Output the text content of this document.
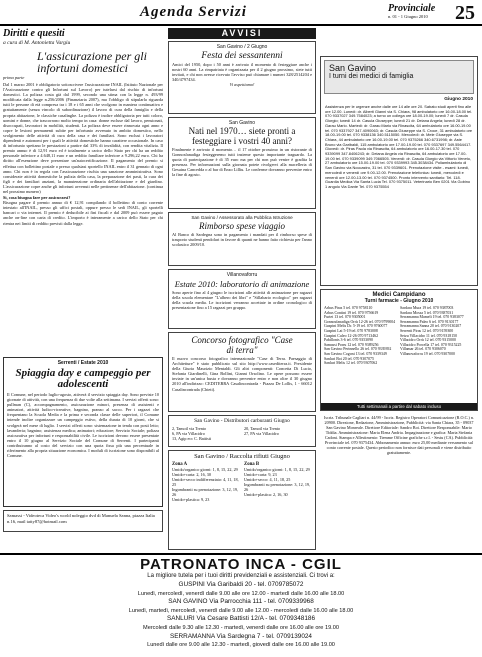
Agenda Servizi	Provinciale
n. 01 - 1 Giugno 2010 25
Diritti e quesiti
a cura di M. Antonietta Vargiu
L'assicurazione per gli infortuni domestici
prima parte
Dal 1 marzo 2001 è obbligatorio sottoscrivere l'assicurazione INAIL (Istituto Nazionale per l'Assicurazione contro gli Infortuni sul Lavoro) per tutelarsi dal rischio di infortuni domestici. La polizza costa già dal 1999, secondo una stima con la legge n. 493/99 modificata dalla legge n.256/2006 (Finanziaria 2007), ma l'obbligo di stipularla riguarda tutti le persone di età compresa tra i 18 e i 65 anni che svolgono in maniera continuativa e gratuitamente (senza vincolo di subordinazione) il lavoro di cura della famiglia e della propria abitazione, le classiche casalinghe. La polizza è inoltre obbligatoria per tutti coloro, uomini e donne, che trascorrono molto tempo in casa: donne escluse dal lavoro, pensionati, disoccupati, lavoratori in mobilità, studenti. La polizza deve essere rinnovata ogni anno e copre le lesioni permanenti subite per infortunio avvenuto in ambito domestico, nello svolgimento delle attività di cura della casa e dei familiari. Sono esclusi i lavoratori dipendenti e autonomi per i quali le attività domestiche hanno carattere occasionale. In caso di infortunio spettano le prestazioni a partire dal 33% di invalidità, con rendita vitalizia. Il premio annuo è di 12,91 euro ed è totalmente a carico dello Stato per chi ha un reddito personale inferiore a 4.648,11 euro e un reddito familiare inferiore a 9.296,22 euro. Chi ha diritto all'esenzione deve presentare un'autocertificazione. Il pagamento del premio si effettua con bollettino postale o presso qualsiasi sportello INAIL entro il 31 gennaio di ogni anno. Chi non è in regola con l'assicurazione rischia una sanzione amministrativa. Sono considerate attività domestiche la pulizia della casa, la preparazione dei pasti, la cura dei figli e dei familiari anziani, la manutenzione ordinaria dell'abitazione e del giardino. L'assicurazione copre anche gli infortuni avvenuti nelle pertinenze dell'abitazione. (continua nel prossimo numero)
Sì, cosa bisogna fare per assicurarsi?
Bisogna pagare il premio annuo di € 12,91 compilando il bollettino di conto corrente intestato all'INAIL, presso gli uffici postali, oppure presso le sedi INAIL, gli sportelli bancari o via internet. Il premio è deducibile ai fini fiscali e dal 2009 può essere pagato anche on-line con carta di credito. L'importo è interamente a carico dello Stato per chi rientra nei limiti di reddito previsti dalla legge.
Serrenti / Estate 2010
Spiaggia day e campeggio per adolescenti
Il Comune, nel periodo luglio-agosto, attiverà il servizio spiaggia day. Sono previste 10 giornate di attività, con una frequenza di due volte alla settimana. I servizi offerti sono: pullman (C), accompagnamento, assicurazione minori, presenza di assistenti e animatori, attività ludico-ricreative, bagnino, pranzo al sacco. Per i ragazzi che frequentano la Scuola Media e la prima e seconda classe delle superiori, il Comune intende inoltre organizzare un campeggio estivo, della durata di 10 giorni, che si svolgerà nel mese di luglio. I servizi offerti sono: sistemazione in tenda con posti letto; lavanderia; bagnino; assistenza medica; animatori; educatore; Servizio Sociale; polizza assicurativa per infortuni e responsabilità civile. Le iscrizioni devono essere presentate entro il 10 giugno al Servizio Sociale del Comune di Serrenti. I partecipanti contribuiranno al costo del servizio con una quota fissa più una percentuale in riferimento alla propria situazione economica. I moduli di iscrizione sono disponibili al Comune.
Samassi - Videoteca Video's world noleggio dvd di Manuela Sanna, piazza Italia n.16, mail tatty87@hotmail.com
AVVISI
San Gavino / 2 Giugno
Festa dei sessantenni
Amici del 1950, dopo i 50 anni è arrivato il momento di festeggiare anche i nostri 60 anni. La rimpatriata è organizzata per il 2 giugno prossimo, siete tutti invitati, e chi non avesse ricevuto l'avviso può chiamare i numeri 328/2514204 e 340/4797434.
Vi aspettiamo!
San Gavino
Nati nel 1970… siete pronti a festeggiare i vostri 40 anni?
Finalmente è arrivato il momento… il 17 ottobre prossimo in un ristorante di Gonnosfanadiga festeggeremo tutti insieme questo importante traguardo. La quota di partecipazione è di 35 euro ma per chi non può venire è gradita la presenza. Per informazioni sulla giornata potete rivolgervi alla macelleria di Gesuina Cancedda o al bar di Enzo Lilliu. Le conferme dovranno pervenire entro la fine di agosto.
San Gavino / Assessorato alla Pubblica Istruzione
Rimborso spese viaggio
Al Banco di Sardegna sono in pagamento i mandati per il rimborso spese di trasporto studenti pendolari in favore di quanti ne hanno fatto richiesta per l'anno scolastico 2009/10.
Villanovaforru
Estate 2010: laboratorio di animazione
Sono aperte fino al 4 giugno le iscrizioni alle attività di animazione per ragazzi della scuola elementare "L'albero dei libri" e "Sillabario ecologico" per ragazzi della scuola media. Le iscrizioni verranno accettate in ordine cronologico di presentazione fino a 15 ragazzi per gruppo.
Concorso fotografico "Case di terra"
Il nuovo concorso fotografico internazionale "Case di Terra. Paesaggio di Architetture" è stato pubblicato sul sito http://www.casediterra.it. Presidente della Giuria Maurizio Mentaldi. Gli altri componenti: Concetta Di Lucio, Stefania Giardinelli, Gina Bollini, Gianni Orsolino. Le opere possono essere inviate in un'unica busta e dovranno pervenire entro e non oltre il 30 giugno 2010 all'indirizzo: CEDITERRA Casalincontrada - Piazza De Lollis, 1 - 66012 Casalincontrada (Chieti).
San Gavino - Distributori carburanti Giugno
2, Tamoil via Trento
6, PA via Villacidro
13, Agip ecc C. Battisti
20, Tamoil via Trento
27, PA via Villacidro
San Gavino / Raccolta rifiuti Giugno
Zona A
Umido/organico giorni: 1, 8, 15, 22, 29
Umido+carta: 2, 16, 30
Umido+secco indifferenziato: 4, 11, 18, 25
Ingombranti su prenotazione: 3, 12, 19, 26
Umido+plastica: 9, 23
Zona B
Umido/organico giorni: 1, 8, 15, 22, 29
Umido+carta: 9, 23
Umido+secco: 4, 11, 18, 25
Ingombranti su prenotazione: 3, 12, 19, 26
Umido+plastica: 2, 16, 30
San Gavino
I turni dei medici di famiglia
Giugno 2010
Assistenza per le urgenze anche dalle ore 14 alle ore 20. Sabato studi aperti fino alle ore 12.00. Lunedì: dr. Alberti Gianni via S. Chiara, 98 ambulatorio ore 16.00-18.00 tel. 070 9337027 349.7584023; a turno un collega ore 18.00-19.00; lunedì 7 dr. Casula Giorgio; lunedì 14 dr. Casula Giuseppe; lunedì 21 dr. Deiana Angela; lunedì 28 dr. Garau Mario. Martedì: dr. Garau Mario via Rinascita, 64 ambulatorio ore 16.00-19.00 tel. 070 9337927 347.4090063; dr. Casula Giuseppe via S. Croce, 31 ambulatorio ore 18.00-19.00 tel. 070 9338136 340.5115050. Mercoledì: dr. Mele Giuseppe via S. Chiara, 44 ambulatorio ore 16.00-19.00 tel. 070 9375266 340.6731998; dr. Aste Bruno via Garibaldi, 115 ambulatorio ore 17.00-19.00 tel. 070 9337697 349.5564417. Giovedì: dr. Piras Paola via Rinascita, 64 ambulatorio ore 16.00-17.30 tel. 070 9339099 347.8406243; dr. Deiana Angela via Rinascita, 64 ambulatorio ore 17.00-19.00 tel. 070 9339099 349.7066505. Venerdì: dr. Casula Giorgio via Vittorio Veneto, 27 ambulatorio ore 15.00-19.00 tel. 070 9339993 345.3038434. Poliambulatorio di San Gavino via Noccastro, 31 tel. 070 9339601. Prenotazione visite - esami: lunedì, mercoledì e venerdì ore 9.00-12.00. Prenotazione telefonica: lunedì, mercoledì e venerdì ore 12.00-13.00 tel. 070 9374500. Pronto intervento sanitario: Tel. 118. Guardia Medica Via Santa Lucia Tel. 070 9375011. Veterinario Ben 0201 Via Gobino 1 angolo Via Dante Tel. 070 9375554
Medici Campidano
Turni farmacie - Giugno 2010
Arbus Piras 5 tel. 070 9758110
Arbus Contini 19 tel. 070 9756619
Furtei 13 tel. 070 9305001
Gonnosfanadiga Orrù 12-26 tel. 070 9799004
Guspini Melis Dr. 5-19 tel. 070 9760077
Guspini Lai 5-19 tel. 070 9783008
Guspini Culeo 12-26 070 9713462
Pabillonis 3-6 tel. 070 9353090
Samassi Porru 12 tel. 070 9389256
San Gavino Perinnello 26 tel. 070 9339392
San Gavino Cogoni 13 tel. 070 9339349
Sanluri Boi 20 tel. 070 9307075
Sanluri Melis 12 tel. 070 9307062
Sardara Mura 19 tel. 070 9387003
Sardara Mossa 5 tel. 070 9387031
Serramanna Mameli 19 tel. 070 9383077
Serramanna Paleo 6 tel. 070 9130177
Serramanna Sanna 20 tel. 070 9130207
Serrenti Piras 12 tel. 070 9159300
Setzu Villacidro 11 tel. 070 9318150
Villacidro Orrù 12 tel. 070 9315000
Villacidro Porcella 17 tel. 070 9315225
Villamar 26 tel. 070 9306070
Villanovaforru 19 tel. 070 9307000
Tutti settimanali a partire dal sabato incluso
Iscriz. Tribunale Cagliari n. 44/99 - Iscriz. Registro Operatori Comunicazione (R.O.C.) n. 20900. Direzione, Redazione, Amministrazione, Pubblicità: via Santa Chiara, 35 - 09037 San Gavino Monreale. Direttore Editoriale: Sandro Boi. Direttore Responsabile: Mario Tiddia. Amministrazione: Maria Elena Andria. Impaginazione e grafica: Maria Stefania Cadoni. Stampa e Allestimento: Tiemme Officine grafiche s.r.l. - Sestu (CA). Pubblicità: Provinciale tel. 070 9375434. Abbonamento annuo: euro 25,00 mediante versamento sul conto corrente postale. Questo periodico non fornisce dati personali e viene distribuito gratuitamente.
PATRONATO INCA - CGIL
La migliore tutela per i tuoi diritti previdenziali e assistenziali. Ci trovi a:
GUSPINI Via Garibaldi 20 - tel. 0709785072
Lunedì, mercoledì, venerdì dalle 9.00 alle ore 12.00 - martedì dalle 16.00 alle 18.00
SAN GAVINO Via Parrocchia 111 - tel. 0709339968
Lunedì, martedì, mercoledì, venerdì dalle 9.00 alle 12.00 - mercoledì dalle 16.00 alle 18.00
SANLURI Via Cesare Battisti 12/A - tel. 0709348186
Mercoledì dalle 9.30 alle 12.30 - martedì, venerdì dalle ore 16.00 alle ore 19.00
SERRAMANNA Via Sardegna 7 - tel. 0709139024
Lunedì dalle ore 9.00 alle 12.30 - martedì, giovedì dalle ore 16.00 alle 19.00
